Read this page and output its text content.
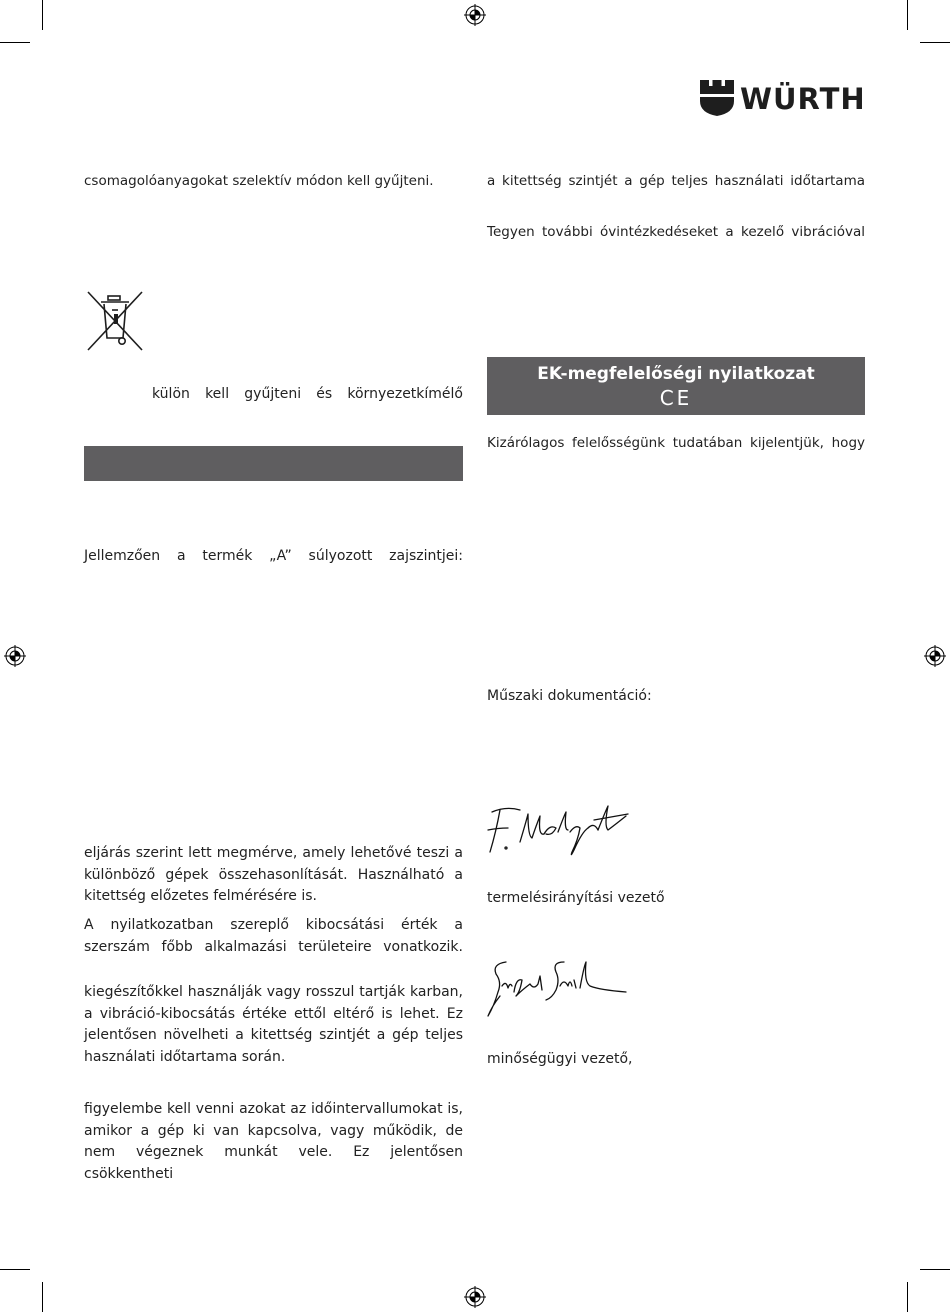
WÜRTH
csomagolóanyagokat szelektív módon kell gyűjteni.
külön kell gyűjteni és környezetkímélő
Jellemzően a termék „A” súlyozott zajszintjei:
eljárás szerint lett megmérve, amely lehetővé teszi a különböző gépek összehasonlítását. Használható a kitettség előzetes felmérésére is.
A nyilatkozatban szereplő kibocsátási érték a szerszám főbb alkalmazási területeire vonatkozik.
kiegészítőkkel használják vagy rosszul tartják karban, a vibráció-kibocsátás értéke ettől eltérő is lehet. Ez jelentősen növelheti a kitettség szintjét a gép teljes használati időtartama során.
figyelembe kell venni azokat az időintervallumokat is, amikor a gép ki van kapcsolva, vagy működik, de nem végeznek munkát vele. Ez jelentősen csökkentheti
a kitettség szintjét a gép teljes használati időtartama
Tegyen további óvintézkedéseket a kezelő vibrációval
EK-megfelelőségi nyilatkozat
CE
Kizárólagos felelősségünk tudatában kijelentjük, hogy
Műszaki dokumentáció:
termelésirányítási vezető
minőségügyi vezető,
